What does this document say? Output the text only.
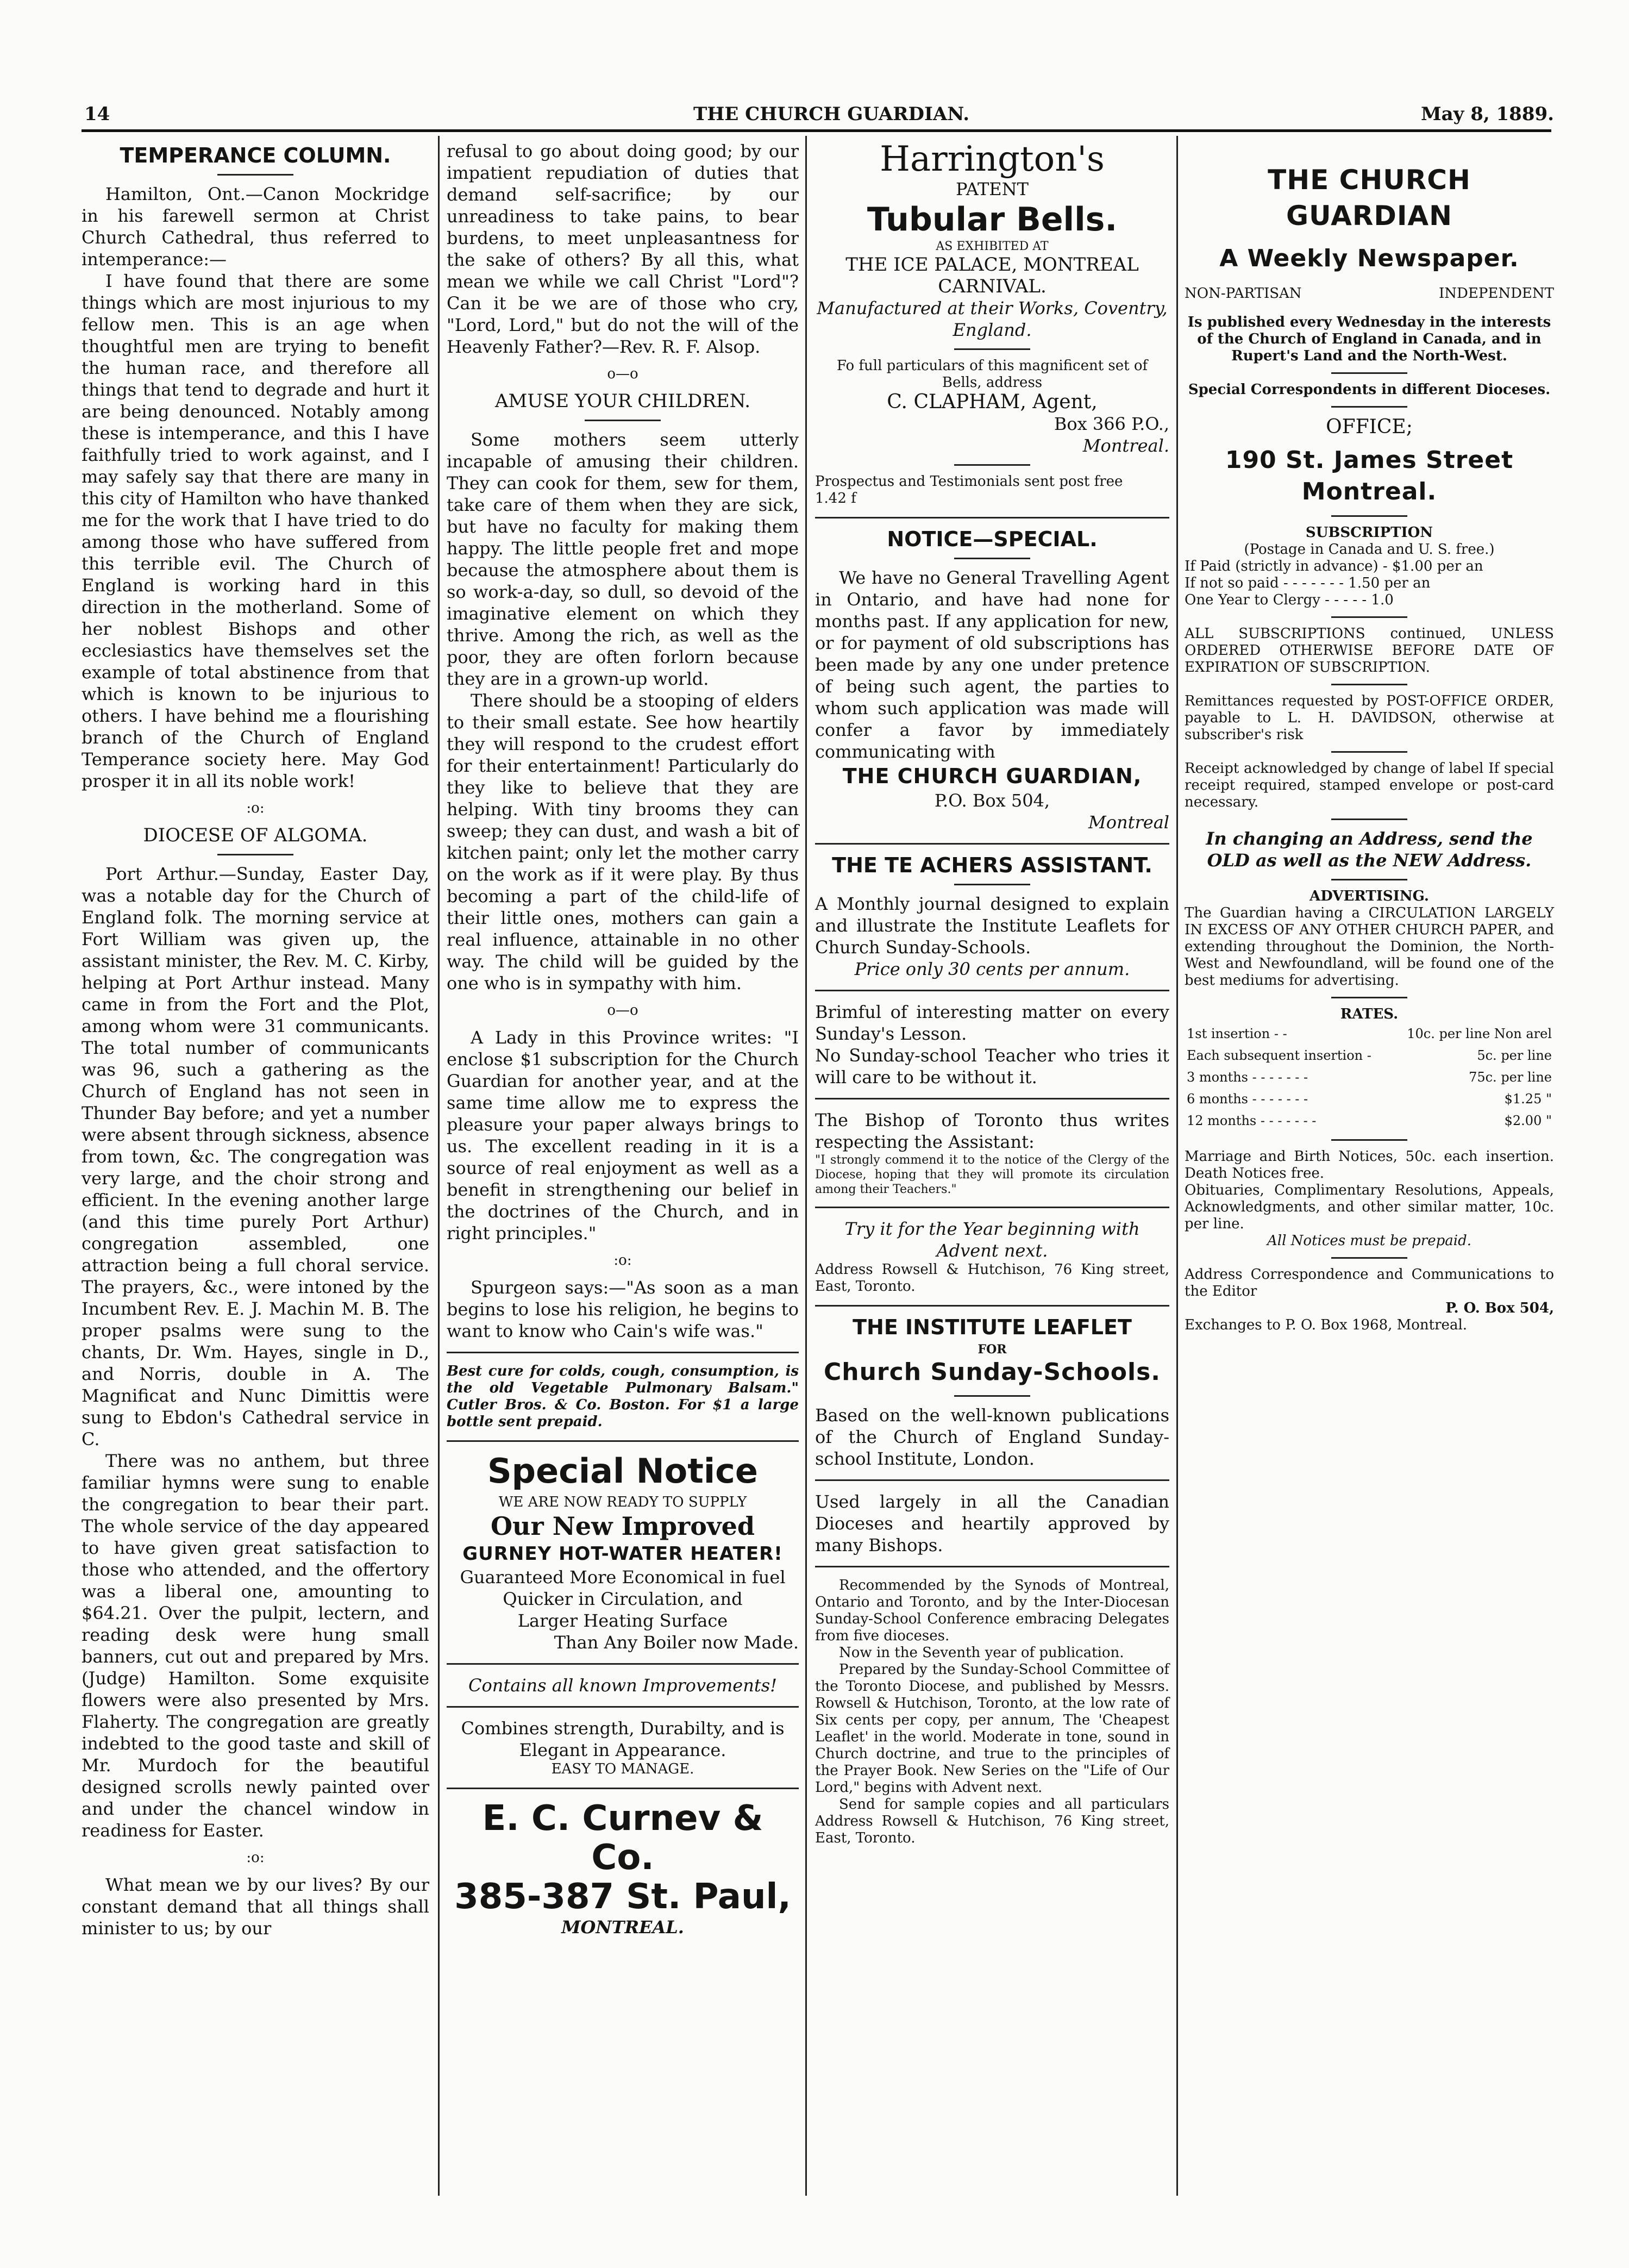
14	THE CHURCH GUARDIAN.	May 8, 1889.
TEMPERANCE COLUMN.

Hamilton, Ont.—Canon Mockridge in his farewell sermon at Christ Church Cathedral, thus referred to intemperance:—

I have found that there are some things which are most injurious to my fellow men. This is an age when thoughtful men are trying to benefit the human race, and therefore all things that tend to degrade and hurt it are being denounced. Notably among these is intemperance, and this I have faithfully tried to work against, and I may safely say that there are many in this city of Hamilton who have thanked me for the work that I have tried to do among those who have suffered from this terrible evil. The Church of England is working hard in this direction in the motherland. Some of her noblest Bishops and other ecclesiastics have themselves set the example of total abstinence from that which is known to be injurious to others. I have behind me a flourishing branch of the Church of England Temperance society here. May God prosper it in all its noble work!

:o:
DIOCESE OF ALGOMA.

Port Arthur.—Sunday, Easter Day, was a notable day for the Church of England folk. The morning service at Fort William was given up, the assistant minister, the Rev. M. C. Kirby, helping at Port Arthur instead. Many came in from the Fort and the Plot, among whom were 31 communicants. The total number of communicants was 96, such a gathering as the Church of England has not seen in Thunder Bay before; and yet a number were absent through sickness, absence from town, &c. The congregation was very large, and the choir strong and efficient. In the evening another large (and this time purely Port Arthur) congregation assembled, one attraction being a full choral service. The prayers, &c., were intoned by the Incumbent Rev. E. J. Machin M. B. The proper psalms were sung to the chants, Dr. Wm. Hayes, single in D., and Norris, double in A. The Magnificat and Nunc Dimittis were sung to Ebdon's Cathedral service in C.

There was no anthem, but three familiar hymns were sung to enable the congregation to bear their part. The whole service of the day appeared to have given great satisfaction to those who attended, and the offertory was a liberal one, amounting to $64.21. Over the pulpit, lectern, and reading desk were hung small banners, cut out and prepared by Mrs. (Judge) Hamilton. Some exquisite flowers were also presented by Mrs. Flaherty. The congregation are greatly indebted to the good taste and skill of Mr. Murdoch for the beautiful designed scrolls newly painted over and under the chancel window in readiness for Easter.

:o:

What mean we by our lives? By our constant demand that all things shall minister to us; by our

refusal to go about doing good; by our impatient repudiation of duties that demand self-sacrifice; by our unreadiness to take pains, to bear burdens, to meet unpleasantness for the sake of others? By all this, what mean we while we call Christ "Lord"? Can it be we are of those who cry, "Lord, Lord," but do not the will of the Heavenly Father?—Rev. R. F. Alsop.

o—o
AMUSE YOUR CHILDREN.

Some mothers seem utterly incapable of amusing their children. They can cook for them, sew for them, take care of them when they are sick, but have no faculty for making them happy. The little people fret and mope because the atmosphere about them is so work-a-day, so dull, so devoid of the imaginative element on which they thrive. Among the rich, as well as the poor, they are often forlorn because they are in a grown-up world.

There should be a stooping of elders to their small estate. See how heartily they will respond to the crudest effort for their entertainment! Particularly do they like to believe that they are helping. With tiny brooms they can sweep; they can dust, and wash a bit of kitchen paint; only let the mother carry on the work as if it were play. By thus becoming a part of the child-life of their little ones, mothers can gain a real influence, attainable in no other way. The child will be guided by the one who is in sympathy with him.

o—o

A Lady in this Province writes: "I enclose $1 subscription for the Church Guardian for another year, and at the same time allow me to express the pleasure your paper always brings to us. The excellent reading in it is a source of real enjoyment as well as a benefit in strengthening our belief in the doctrines of the Church, and in right principles."

:o:

Spurgeon says:—"As soon as a man begins to lose his religion, he begins to want to know who Cain's wife was."

Best cure for colds, cough, consumption, is the old Vegetable Pulmonary Balsam." Cutler Bros. & Co. Boston. For $1 a large bottle sent prepaid.

Special Notice
WE ARE NOW READY TO SUPPLY
Our New Improved
GURNEY HOT-WATER HEATER!
Guaranteed More Economical in fuel
Quicker in Circulation, and
Larger Heating Surface
Than Any Boiler now Made.
Contains all known Improvements!
Combines strength, Durabilty, and is Elegant in Appearance.
EASY TO MANAGE.
E. C. Curnev & Co.
385-387 St. Paul,
MONTREAL.
Harrington's
PATENT
Tubular Bells.
AS EXHIBITED AT
THE ICE PALACE, MONTREAL CARNIVAL.
Manufactured at their Works, Coventry, England.
Fo full particulars of this magnificent set of Bells, address
C. CLAPHAM, Agent,
Box 366 P.O.,
Montreal.
Prospectus and Testimonials sent post free
1.42 f
NOTICE—SPECIAL.

We have no General Travelling Agent in Ontario, and have had none for months past. If any application for new, or for payment of old subscriptions has been made by any one under pretence of being such agent, the parties to whom such application was made will confer a favor by immediately communicating with

THE CHURCH GUARDIAN,
P.O. Box 504,
Montreal
THE TE ACHERS ASSISTANT.

A Monthly journal designed to explain and illustrate the Institute Leaflets for Church Sunday-Schools.

Price only 30 cents per annum.

Brimful of interesting matter on every Sunday's Lesson.

No Sunday-school Teacher who tries it will care to be without it.

The Bishop of Toronto thus writes respecting the Assistant:

"I strongly commend it to the notice of the Clergy of the Diocese, hoping that they will promote its circulation among their Teachers."

Try it for the Year beginning with Advent next.
Address Rowsell & Hutchison, 76 King street, East, Toronto.
THE INSTITUTE LEAFLET
FOR
Church Sunday-Schools.

Based on the well-known publications of the Church of England Sunday-school Institute, London.

Used largely in all the Canadian Dioceses and heartily approved by many Bishops.

Recommended by the Synods of Montreal, Ontario and Toronto, and by the Inter-Diocesan Sunday-School Conference embracing Delegates from five dioceses.

Now in the Seventh year of publication.

Prepared by the Sunday-School Committee of the Toronto Diocese, and published by Messrs. Rowsell & Hutchison, Toronto, at the low rate of Six cents per copy, per annum, The 'Cheapest Leaflet' in the world. Moderate in tone, sound in Church doctrine, and true to the principles of the Prayer Book. New Series on the "Life of Our Lord," begins with Advent next.

Send for sample copies and all particulars Address Rowsell & Hutchison, 76 King street, East, Toronto.

THE CHURCH GUARDIAN
A Weekly Newspaper.
NON-PARTISAN	INDEPENDENT

Is published every Wednesday in the interests of the Church of England in Canada, and in Rupert's Land and the North-West.

Special Correspondents in different Dioceses.

OFFICE;
190 St. James Street Montreal.
SUBSCRIPTION
(Postage in Canada and U. S. free.)
If Paid (strictly in advance) - $1.00 per an
If not so paid - - - - - - - 1.50 per an
One Year to Clergy - - - - - 1.0

ALL SUBSCRIPTIONS continued, UNLESS ORDERED OTHERWISE BEFORE DATE OF EXPIRATION OF SUBSCRIPTION.

Remittances requested by POST-OFFICE ORDER, payable to L. H. DAVIDSON, otherwise at subscriber's risk

Receipt acknowledged by change of label If special receipt required, stamped envelope or post-card necessary.

In changing an Address, send the OLD as well as the NEW Address.

ADVERTISING.

The Guardian having a CIRCULATION LARGELY IN EXCESS OF ANY OTHER CHURCH PAPER, and extending throughout the Dominion, the North-West and Newfoundland, will be found one of the best mediums for advertising.

RATES.
1st insertion - -	10c. per line Non arel
Each subsequent insertion -	5c. per line
3 months - - - - - - -	75c. per line
6 months - - - - - - -	$1.25 "
12 months - - - - - - -	$2.00 "

Marriage and Birth Notices, 50c. each insertion. Death Notices free.

Obituaries, Complimentary Resolutions, Appeals, Acknowledgments, and other similar matter, 10c. per line.

All Notices must be prepaid.

Address Correspondence and Communications to the Editor

P. O. Box 504,
Exchanges to P. O. Box 1968, Montreal.
